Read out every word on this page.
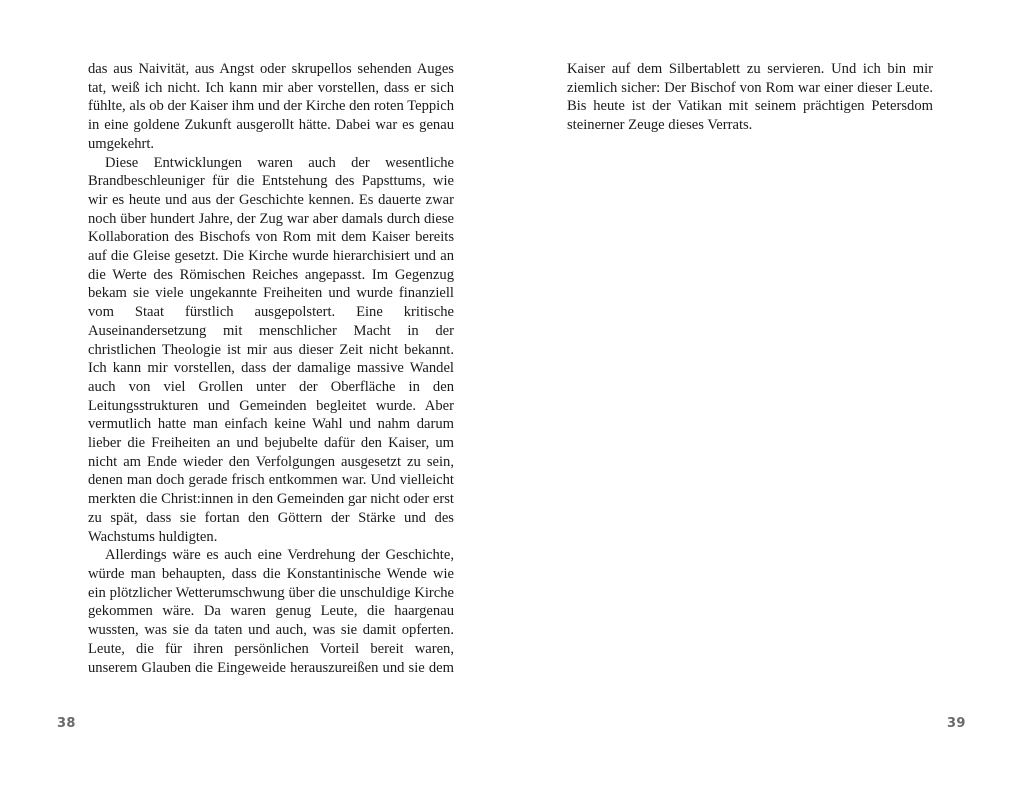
das aus Naivität, aus Angst oder skrupellos sehenden Auges tat, weiß ich nicht. Ich kann mir aber vorstellen, dass er sich fühlte, als ob der Kaiser ihm und der Kirche den roten Teppich in eine goldene Zukunft ausgerollt hätte. Dabei war es genau umgekehrt.

Diese Entwicklungen waren auch der wesentliche Brandbeschleuniger für die Entstehung des Papsttums, wie wir es heute und aus der Geschichte kennen. Es dauerte zwar noch über hundert Jahre, der Zug war aber damals durch diese Kollaboration des Bischofs von Rom mit dem Kaiser bereits auf die Gleise gesetzt. Die Kirche wurde hierarchisiert und an die Werte des Römischen Reiches angepasst. Im Gegenzug bekam sie viele ungekannte Freiheiten und wurde finanziell vom Staat fürstlich ausgepolstert. Eine kritische Auseinandersetzung mit menschlicher Macht in der christlichen Theologie ist mir aus dieser Zeit nicht bekannt. Ich kann mir vorstellen, dass der damalige massive Wandel auch von viel Grollen unter der Oberfläche in den Leitungsstrukturen und Gemeinden begleitet wurde. Aber vermutlich hatte man einfach keine Wahl und nahm darum lieber die Freiheiten an und bejubelte dafür den Kaiser, um nicht am Ende wieder den Verfolgungen ausgesetzt zu sein, denen man doch gerade frisch entkommen war. Und vielleicht merkten die Christ:innen in den Gemeinden gar nicht oder erst zu spät, dass sie fortan den Göttern der Stärke und des Wachstums huldigten.

Allerdings wäre es auch eine Verdrehung der Geschichte, würde man behaupten, dass die Konstantinische Wende wie ein plötzlicher Wetterumschwung über die unschuldige Kirche gekommen wäre. Da waren genug Leute, die haargenau wussten, was sie da taten und auch, was sie damit opferten. Leute, die für ihren persönlichen Vorteil bereit waren, unserem Glauben die Eingeweide herauszureißen und sie dem

38

Kaiser auf dem Silbertablett zu servieren. Und ich bin mir ziemlich sicher: Der Bischof von Rom war einer dieser Leute. Bis heute ist der Vatikan mit seinem prächtigen Petersdom steinerner Zeuge dieses Verrats.

39
